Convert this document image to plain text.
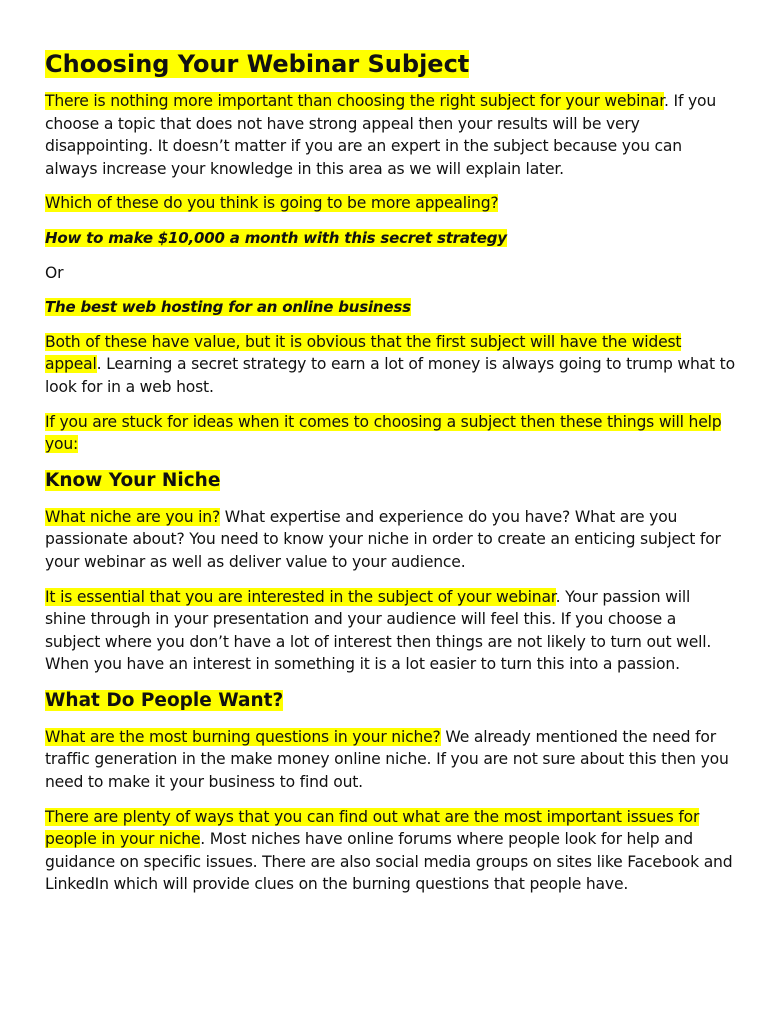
Choosing Your Webinar Subject

There is nothing more important than choosing the right subject for your webinar. If you choose a topic that does not have strong appeal then your results will be very disappointing. It doesn’t matter if you are an expert in the subject because you can always increase your knowledge in this area as we will explain later.

Which of these do you think is going to be more appealing?

How to make $10,000 a month with this secret strategy

Or

The best web hosting for an online business

Both of these have value, but it is obvious that the first subject will have the widest appeal. Learning a secret strategy to earn a lot of money is always going to trump what to look for in a web host.

If you are stuck for ideas when it comes to choosing a subject then these things will help you:

Know Your Niche

What niche are you in? What expertise and experience do you have? What are you passionate about? You need to know your niche in order to create an enticing subject for your webinar as well as deliver value to your audience.

It is essential that you are interested in the subject of your webinar. Your passion will shine through in your presentation and your audience will feel this. If you choose a subject where you don’t have a lot of interest then things are not likely to turn out well. When you have an interest in something it is a lot easier to turn this into a passion.

What Do People Want?

What are the most burning questions in your niche? We already mentioned the need for traffic generation in the make money online niche. If you are not sure about this then you need to make it your business to find out.

There are plenty of ways that you can find out what are the most important issues for people in your niche. Most niches have online forums where people look for help and guidance on specific issues. There are also social media groups on sites like Facebook and LinkedIn which will provide clues on the burning questions that people have.
